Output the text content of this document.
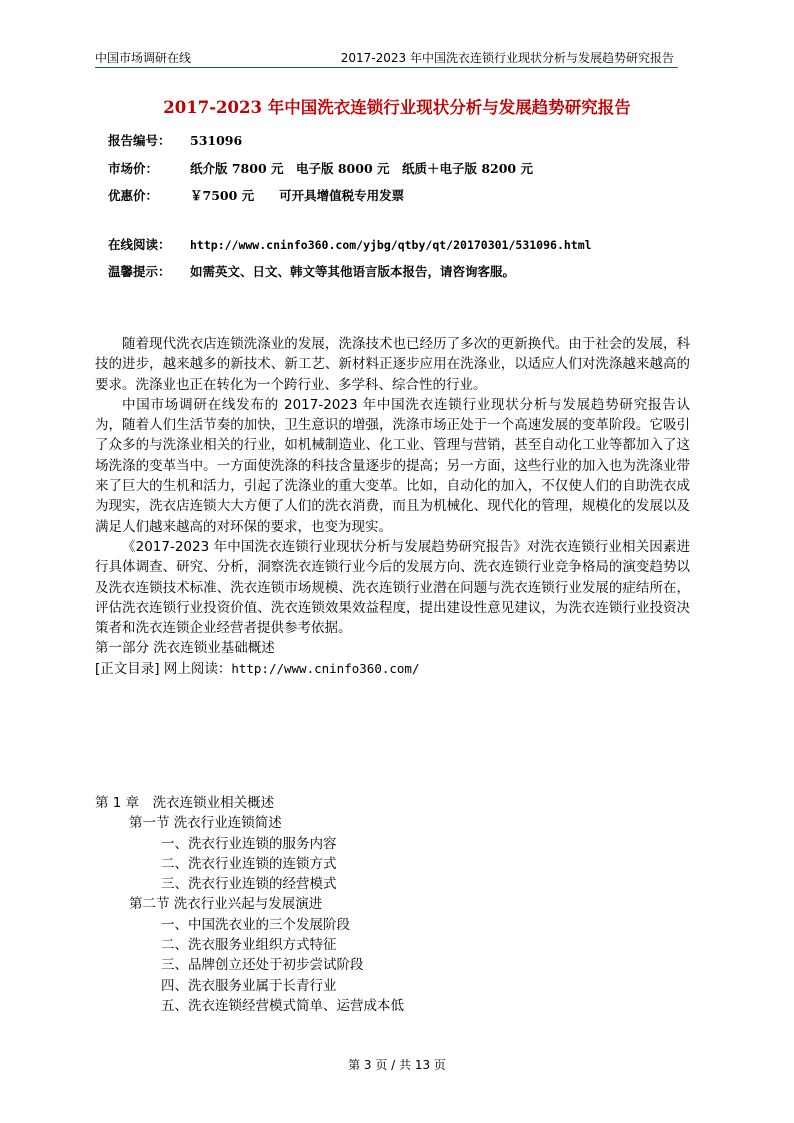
中国市场调研在线	2017-2023 年中国洗衣连锁行业现状分析与发展趋势研究报告
2017-2023 年中国洗衣连锁行业现状分析与发展趋势研究报告
报告编号： 531096
市场价：	纸介版 7800 元　电子版 8000 元　纸质＋电子版 8200 元
优惠价：	￥7500 元　　可开具增值税专用发票
在线阅读： http://www.cninfo360.com/yjbg/qtby/qt/20170301/531096.html
温馨提示： 如需英文、日文、韩文等其他语言版本报告，请咨询客服。

随着现代洗衣店连锁洗涤业的发展，洗涤技术也已经历了多次的更新换代。由于社会的发展，科技的进步，越来越多的新技术、新工艺、新材料正逐步应用在洗涤业，以适应人们对洗涤越来越高的要求。洗涤业也正在转化为一个跨行业、多学科、综合性的行业。

中国市场调研在线发布的 2017-2023 年中国洗衣连锁行业现状分析与发展趋势研究报告认为，随着人们生活节奏的加快，卫生意识的增强，洗涤市场正处于一个高速发展的变革阶段。它吸引了众多的与洗涤业相关的行业，如机械制造业、化工业、管理与营销，甚至自动化工业等都加入了这场洗涤的变革当中。一方面使洗涤的科技含量逐步的提高；另一方面，这些行业的加入也为洗涤业带来了巨大的生机和活力，引起了洗涤业的重大变革。比如，自动化的加入，不仅使人们的自助洗衣成为现实，洗衣店连锁大大方便了人们的洗衣消费，而且为机械化、现代化的管理，规模化的发展以及满足人们越来越高的对环保的要求，也变为现实。

《2017-2023 年中国洗衣连锁行业现状分析与发展趋势研究报告》对洗衣连锁行业相关因素进行具体调查、研究、分析，洞察洗衣连锁行业今后的发展方向、洗衣连锁行业竞争格局的演变趋势以及洗衣连锁技术标准、洗衣连锁市场规模、洗衣连锁行业潜在问题与洗衣连锁行业发展的症结所在，评估洗衣连锁行业投资价值、洗衣连锁效果效益程度，提出建设性意见建议，为洗衣连锁行业投资决策者和洗衣连锁企业经营者提供参考依据。

第一部分 洗衣连锁业基础概述

[正文目录] 网上阅读：http://www.cninfo360.com/

第 1 章　洗衣连锁业相关概述
第一节 洗衣行业连锁简述
一、洗衣行业连锁的服务内容
二、洗衣行业连锁的连锁方式
三、洗衣行业连锁的经营模式
第二节 洗衣行业兴起与发展演进
一、中国洗衣业的三个发展阶段
二、洗衣服务业组织方式特征
三、品牌创立还处于初步尝试阶段
四、洗衣服务业属于长青行业
五、洗衣连锁经营模式简单、运营成本低
第 3 页 / 共 13 页
